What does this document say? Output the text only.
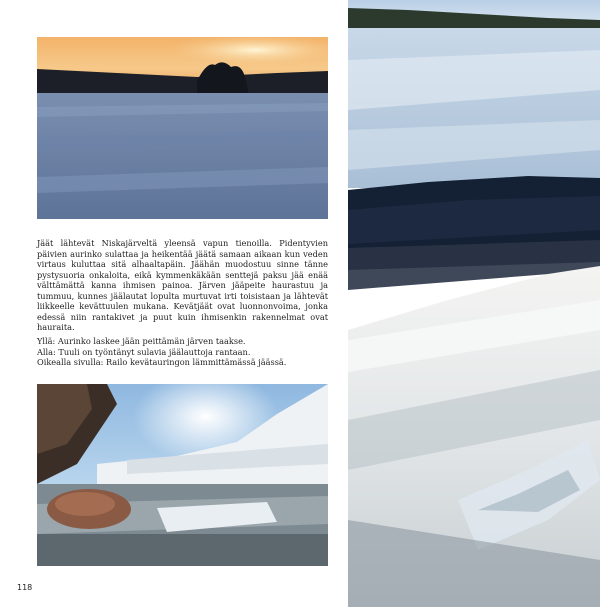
Jäät lähtevät Niskajärveltä yleensä vapun tienoilla. Pidentyvien päivien aurinko sulattaa ja heikentää jäätä samaan aikaan kun veden virtaus kuluttaa sitä alhaaltapäin. Jäähän muodostuu sinne tänne pystysuoria onkaloita, eikä kymmenkäkään senttejä paksu jää enää välttämättä kanna ihmisen painoa. Järven jääpeite haurastuu ja tummuu, kunnes jäälautat lopulta murtuvat irti toisistaan ja lähtevät liikkeelle kevättuulen mukana. Kevätjäät ovat luonnonvoima, jonka edessä niin rantakivet ja puut kuin ihmisenkin rakennelmat ovat hauraita.

Yllä: Aurinko laskee jään peittämän järven taakse.
Alla: Tuuli on työntänyt sulavia jäälauttoja rantaan.
Oikealla sivulla: Railo kevätauringon lämmittämässä jäässä.
118
